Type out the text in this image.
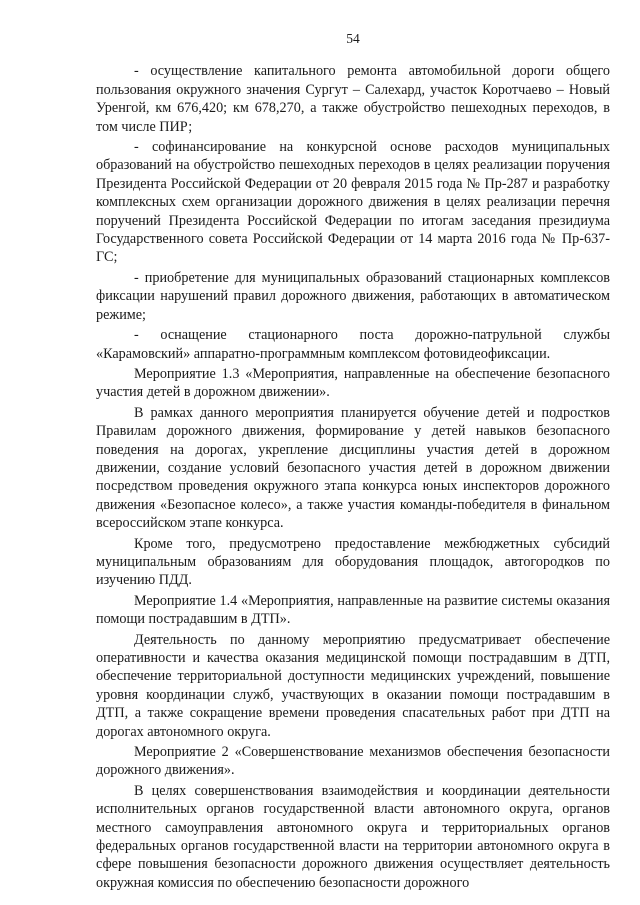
54

- осуществление капитального ремонта автомобильной дороги общего пользования окружного значения Сургут – Салехард, участок Коротчаево – Новый Уренгой, км 676,420; км 678,270, а также обустройство пешеходных переходов, в том числе ПИР;

- софинансирование на конкурсной основе расходов муниципальных образований на обустройство пешеходных переходов в целях реализации поручения Президента Российской Федерации от 20 февраля 2015 года № Пр-287 и разработку комплексных схем организации дорожного движения в целях реализации перечня поручений Президента Российской Федерации по итогам заседания президиума Государственного совета Российской Федерации от 14 марта 2016 года № Пр-637-ГС;

- приобретение для муниципальных образований стационарных комплексов фиксации нарушений правил дорожного движения, работающих в автоматическом режиме;

- оснащение стационарного поста дорожно-патрульной службы «Карамовский» аппаратно-программным комплексом фотовидеофиксации.

Мероприятие 1.3 «Мероприятия, направленные на обеспечение безопасного участия детей в дорожном движении».

В рамках данного мероприятия планируется обучение детей и подростков Правилам дорожного движения, формирование у детей навыков безопасного поведения на дорогах, укрепление дисциплины участия детей в дорожном движении, создание условий безопасного участия детей в дорожном движении посредством проведения окружного этапа конкурса юных инспекторов дорожного движения «Безопасное колесо», а также участия команды-победителя в финальном всероссийском этапе конкурса.

Кроме того, предусмотрено предоставление межбюджетных субсидий муниципальным образованиям для оборудования площадок, автогородков по изучению ПДД.

Мероприятие 1.4 «Мероприятия, направленные на развитие системы оказания помощи пострадавшим в ДТП».

Деятельность по данному мероприятию предусматривает обеспечение оперативности и качества оказания медицинской помощи пострадавшим в ДТП, обеспечение территориальной доступности медицинских учреждений, повышение уровня координации служб, участвующих в оказании помощи пострадавшим в ДТП, а также сокращение времени проведения спасательных работ при ДТП на дорогах автономного округа.

Мероприятие 2 «Совершенствование механизмов обеспечения безопасности дорожного движения».

В целях совершенствования взаимодействия и координации деятельности исполнительных органов государственной власти автономного округа, органов местного самоуправления автономного округа и территориальных органов федеральных органов государственной власти на территории автономного округа в сфере повышения безопасности дорожного движения осуществляет деятельность окружная комиссия по обеспечению безопасности дорожного
